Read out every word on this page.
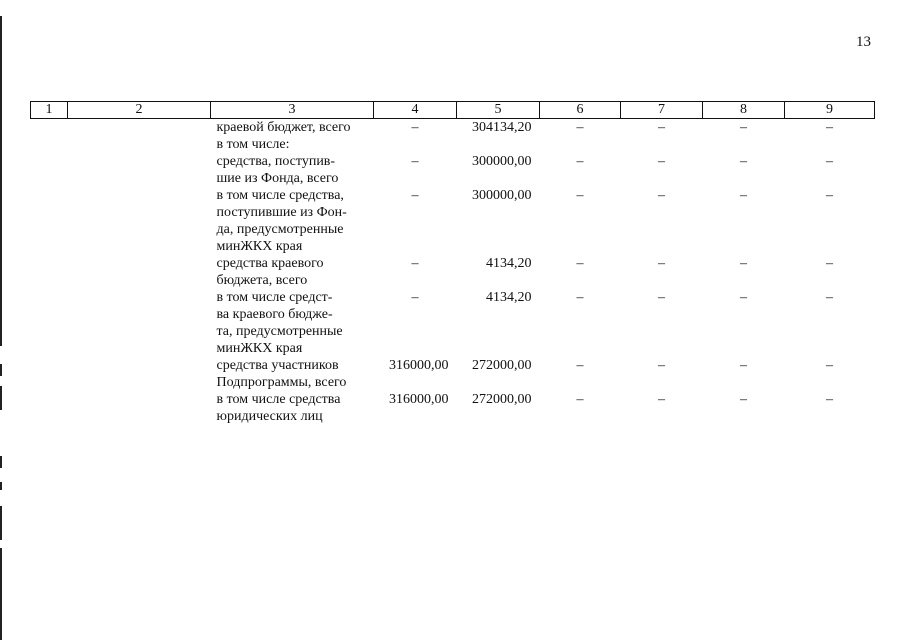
13
1	2	3	4	5	6	7	8	9

		краевой бюджет, всего	–	304134,20	–	–	–	–

		в том числе:						

		средства, поступив-
шие из Фонда, всего	–	300000,00	–	–	–	–

		в том числе средства,
поступившие из Фон-
да, предусмотренные
минЖКХ края	–	300000,00	–	–	–	–

		средства краевого
бюджета, всего	–	4134,20	–	–	–	–

		в том числе средст-
ва краевого бюдже-
та, предусмотренные
минЖКХ края	–	4134,20	–	–	–	–

		средства участников
Подпрограммы, всего	316000,00	272000,00	–	–	–	–

		в том числе средства
юридических лиц	316000,00	272000,00	–	–	–	–
